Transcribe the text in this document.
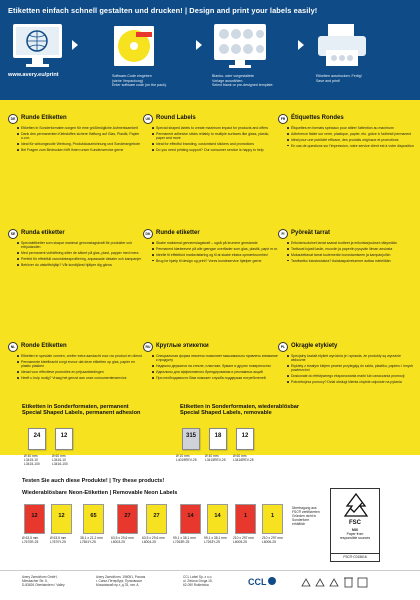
Etiketten einfach schnell gestalten und drucken! | Design and print your labels easily!
www.avery.eu/print	Software-Code eingeben
(siehe Verpackung)
Enter software code (on the pack).
Blanko- oder vorgestaltete
Vorlage auswählen.
Select blank or pre-designed template.
Etiketten ausdrucken. Fertig!
Save and print!
DE Runde Etiketten
Etiketten in Sonderformaten sorgen für eine größtmögliche Aufmerksamkeit
Dank des permanenten Klebstoffes sichere Haftung auf Glas, Plastik, Papier u.v.m.
Ideal für wirkungsvolle Werbung, Produktauszeichnung und Sonderangebote
Bei Fragen zum Bedrucken hilft Ihnen unser Kundenservice gerne
UK Round Labels
Special shaped labels to create maximum impact for products and offers
Permanent adhesive sticks reliably to multiple surfaces like glass, plastic, paper and more
Ideal for effectful branding, customised stickers and promotions
Do you need printing support? Our consumer service is happy to help
FR Étiquettes Rondes
Étiquettes en formats spéciaux pour attirer l'attention au maximum
Adhérence fiable sur verre, plastique, papier, etc. grâce à l'adhésif permanent
Idéal pour une publicité efficace, des produits originaux et promotions
En cas de questions sur l'impression, notre service client est à votre disposition
SE Runda etiketter
Specialetiketter som skapar maximal genomslagskraft för produkter och erbjudanden
Med permanent vidhäftning sitter de säkert på glas, plast, papper med mera
Perfekt för effektfull varumärkesprofilering, anpassade dekaler och kampanjer
Behöver du utskriftshjälp? Vår kundtjänst hjälper dig gärna
DK Runde etiketter
Skabe maksimal gennemslagskraft – også på krumme genstande
Permanent klæbeevne på alle gængse overflader som glas, plastik, papir m.m.
Ideelle til effektfuld markedsføring og til at skabe ekstra opmærksomhed
Brug for hjælp til design og print? Vores kundeservice hjælper gerne
FI	Pyöreät tarrat
Erikoismuotoiset tarrat saavat tuotteet ja erikoistarjoukset näkymään
Tarttuvat lujasti lasiin, muoviin ja paperiin pysyvän liiman ansiosta
Mukautettavat tarrat tuotemerkin korostamiseen ja kampanjoihin
Tarvitsetko tulostustukea? Asiakaspalvelumme auttaa mielellään
NL Ronde Etiketten
Etiketten in speciale vormen, creëer extra aandacht voor uw product en dienst
Permanente kleefkracht zorgt ervoor dat deze etiketten op glas, papier en plastic plakken
Ideaal voor effectieve promoties en prijsaanbiedingen
Heeft u hulp nodig? Vraag het gerust aan onze consumentenservice
RU Круглые этикетки
Специальная форма этикеток позволяет максимально привлечь внимание к продукту
Надежно держатся на стекле, пластике, бумаге и других поверхностях
Идеальны для эффективного брендирования и рекламных акций
При необходимости Вам поможет служба поддержки потребителей
PL Okrągłe etykiety
Specjalny kształt etykiet wyróżnia je i sprawia, że produkty są wyraźnie widoczne
Etykiety z trwałym klejem pewnie przylegają do szkła, plastiku, papieru i innych powierzchni
Doskonałe do efektywnego eksponowania marki lub oznaczania promocji
Potrzebujesz pomocy? Dział obsługi klienta chętnie odpowie na pytania
Etiketten in Sonderformaten, permanent
Special Shaped Labels, permanent adhesion
Etiketten in Sonderformaten, wiederablösbar
Special Shaped Labels, removable
24
Ø 40 mm
L3415-10
L3415-100
12
Ø 60 mm
L3416-10
L3416-100
315
Ø 10 mm
L4019REV-25
18
Ø 40 mm
L3415REV-25
12
Ø 60 mm
L3416REV-25
Testen Sie auch diese Produkte! | Try these products!
Wiederablösbare Neon-Etiketten | Removable Neon Labels
12	12	65	27	27	14	14	1	1
Ø 63,5 mm
L7670R-25
Ø 63,5 mm
L7670Y-25
38,1 x 21,2 mm
L7651Y-25
63,5 x 29,6 mm
L6003-25
63,5 x 29,6 mm
L6004-25
99,1 x 38,1 mm
L7263R-25
99,1 x 38,1 mm
L7263Y-25
210 x 297 mm
L6005-25
210 x 297 mm
L6006-25
Übertragung aus
FSC® zertifizierten
Gründen nicht in
Sonderform
erhältlich	FSC
MIX
Paper from
responsible sources
FSC® C015616
Avery Zweckform GmbH,
Miesbacher Str. 5,
D-83626 Oberlaindern / Valley
Avery Zweckform, 196051, Россия
г. Санкт-Петербург, Пулковское
Московский пр-т, д.78, лит. А
CCL Label Sp. z o.o.
ul. Zielona Droga 15,
62-090 Rokietnica	CCL
